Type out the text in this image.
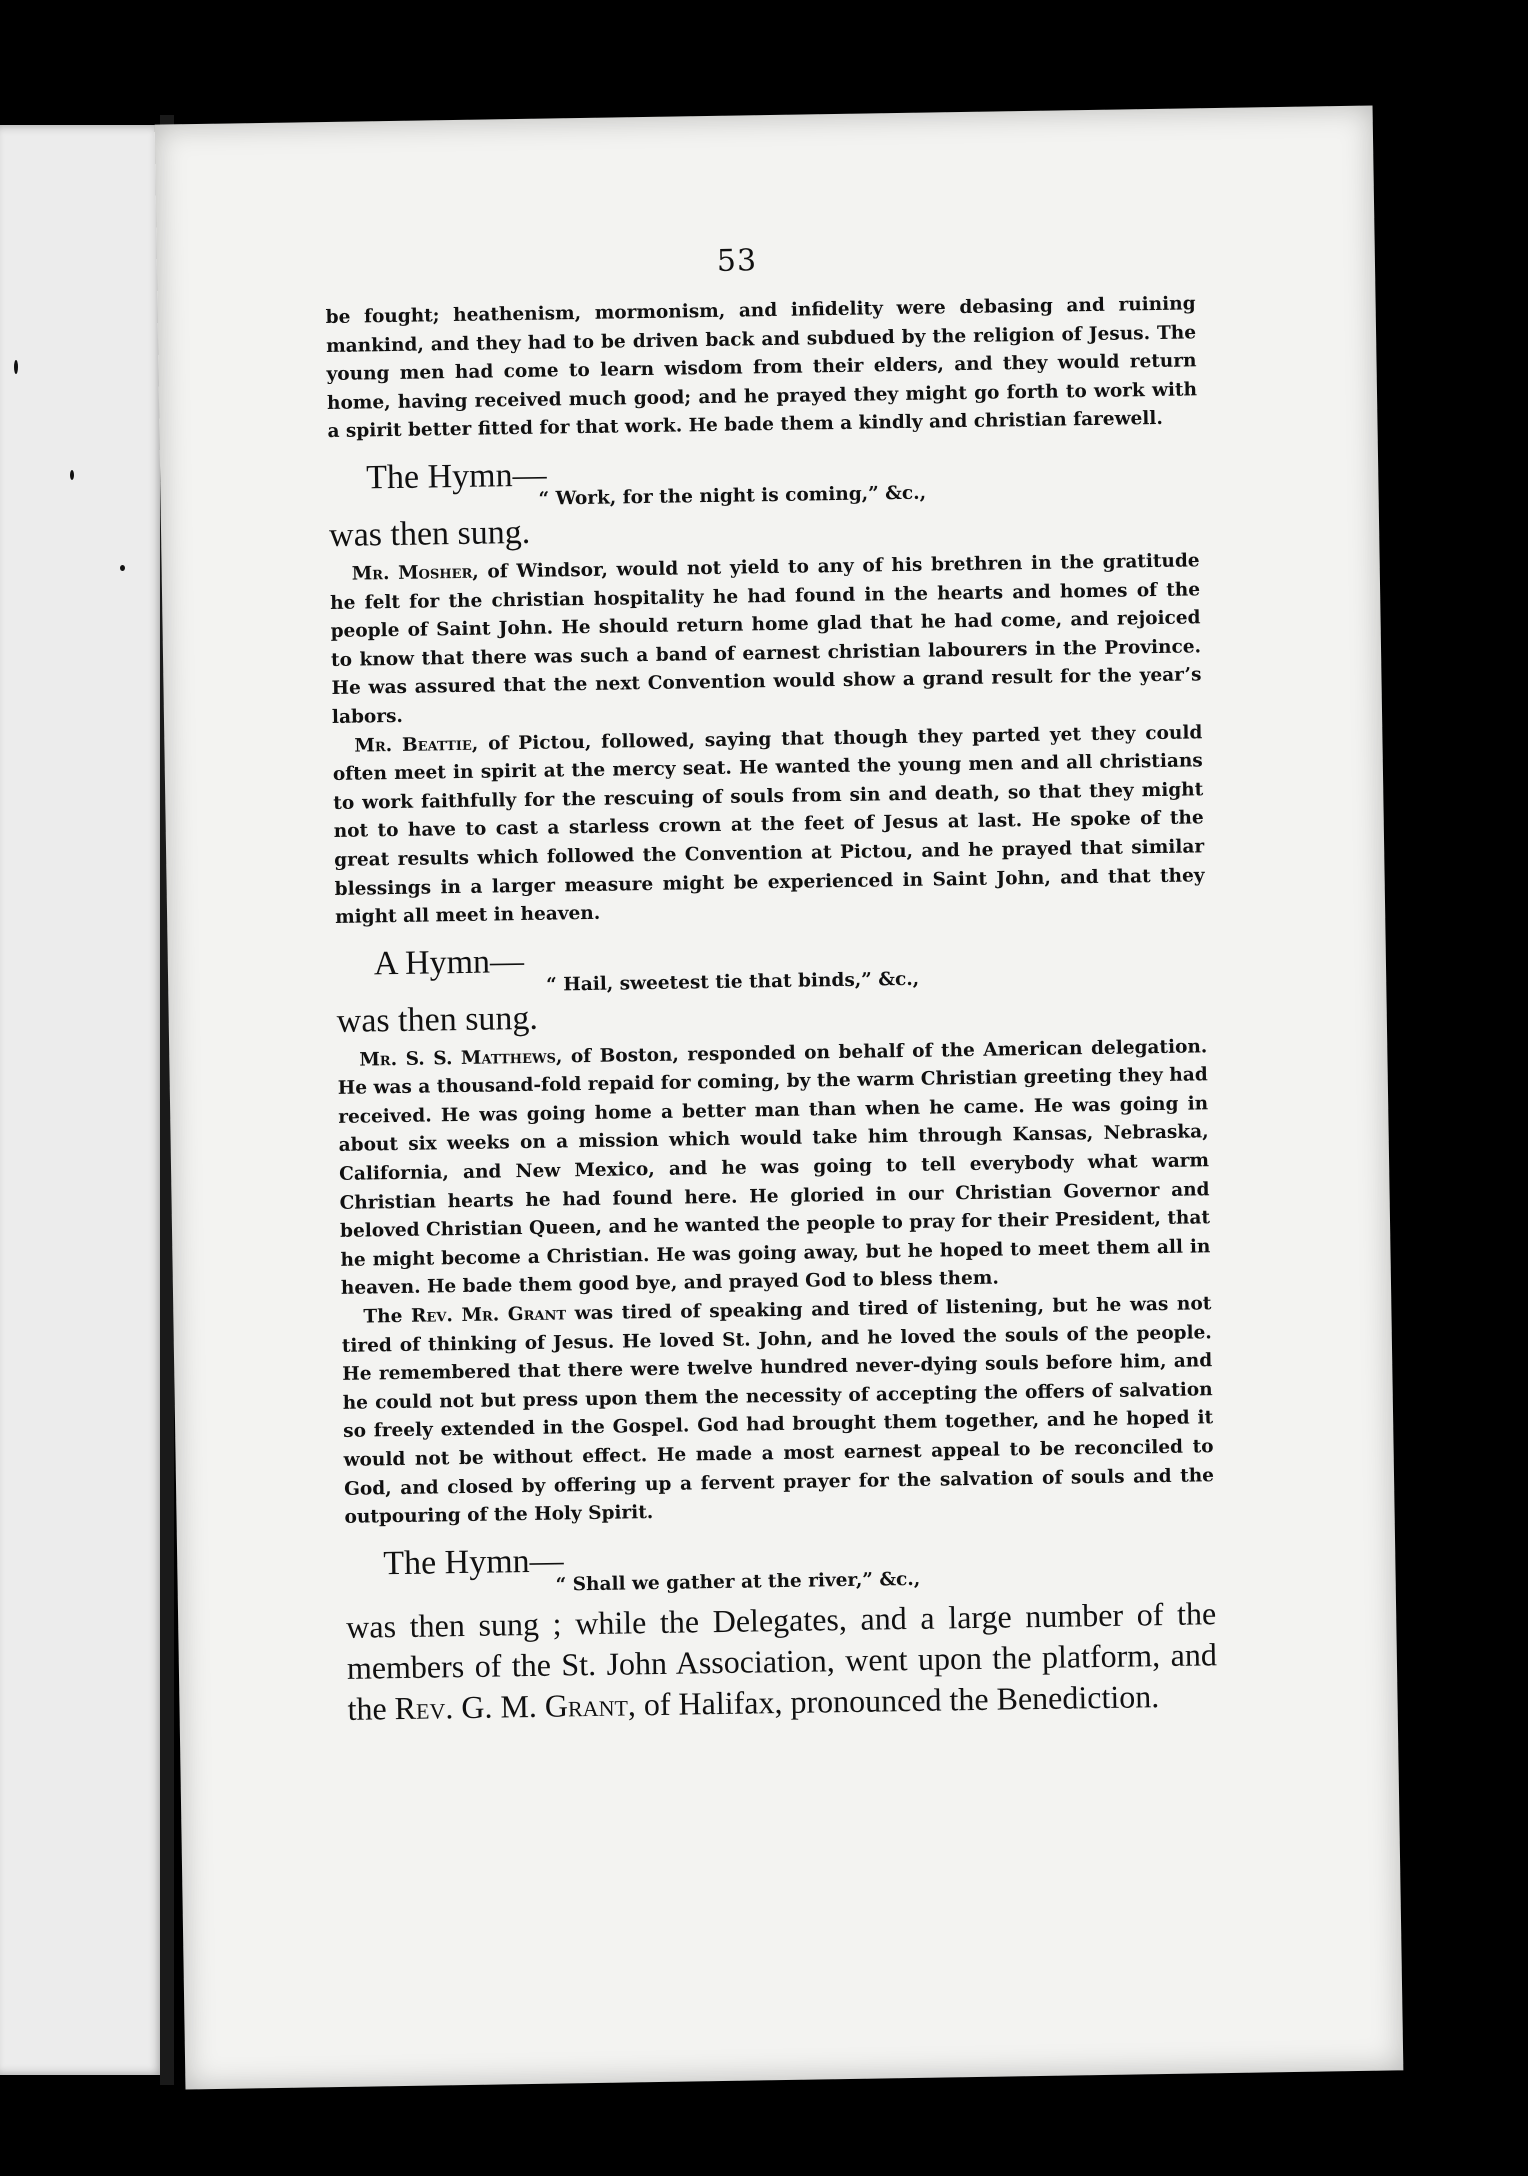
53

be fought; heathenism, mormonism, and infidelity were debasing and ruining mankind, and they had to be driven back and subdued by the religion of Jesus. The young men had come to learn wisdom from their elders, and they would return home, having received much good; and he prayed they might go forth to work with a spirit better fitted for that work. He bade them a kindly and christian farewell.

The Hymn—
“ Work, for the night is coming,” &c.,
was then sung.

Mr. Mosher, of Windsor, would not yield to any of his brethren in the gratitude he felt for the christian hospitality he had found in the hearts and homes of the people of Saint John. He should return home glad that he had come, and rejoiced to know that there was such a band of earnest christian labourers in the Province. He was assured that the next Convention would show a grand result for the year’s labors.

Mr. Beattie, of Pictou, followed, saying that though they parted yet they could often meet in spirit at the mercy seat. He wanted the young men and all christians to work faithfully for the rescuing of souls from sin and death, so that they might not to have to cast a starless crown at the feet of Jesus at last. He spoke of the great results which followed the Convention at Pictou, and he prayed that similar blessings in a larger measure might be experienced in Saint John, and that they might all meet in heaven.

A Hymn—	“ Hail, sweetest tie that binds,” &c.,
was then sung.

Mr. S. S. Matthews, of Boston, responded on behalf of the American delegation. He was a thousand-fold repaid for coming, by the warm Christian greeting they had received. He was going home a better man than when he came. He was going in about six weeks on a mission which would take him through Kansas, Nebraska, California, and New Mexico, and he was going to tell everybody what warm Christian hearts he had found here. He gloried in our Christian Governor and beloved Christian Queen, and he wanted the people to pray for their President, that he might become a Christian. He was going away, but he hoped to meet them all in heaven. He bade them good bye, and prayed God to bless them.

The Rev. Mr. Grant was tired of speaking and tired of listening, but he was not tired of thinking of Jesus. He loved St. John, and he loved the souls of the people. He remembered that there were twelve hundred never-dying souls before him, and he could not but press upon them the necessity of accepting the offers of salvation so freely extended in the Gospel. God had brought them together, and he hoped it would not be without effect. He made a most earnest appeal to be reconciled to God, and closed by offering up a fervent prayer for the salvation of souls and the outpouring of the Holy Spirit.

The Hymn—
“ Shall we gather at the river,” &c.,

was then sung ; while the Delegates, and a large number of the members of the St. John Association, went upon the platform, and the Rev. G. M. Grant, of Halifax, pronounced the Benediction.
